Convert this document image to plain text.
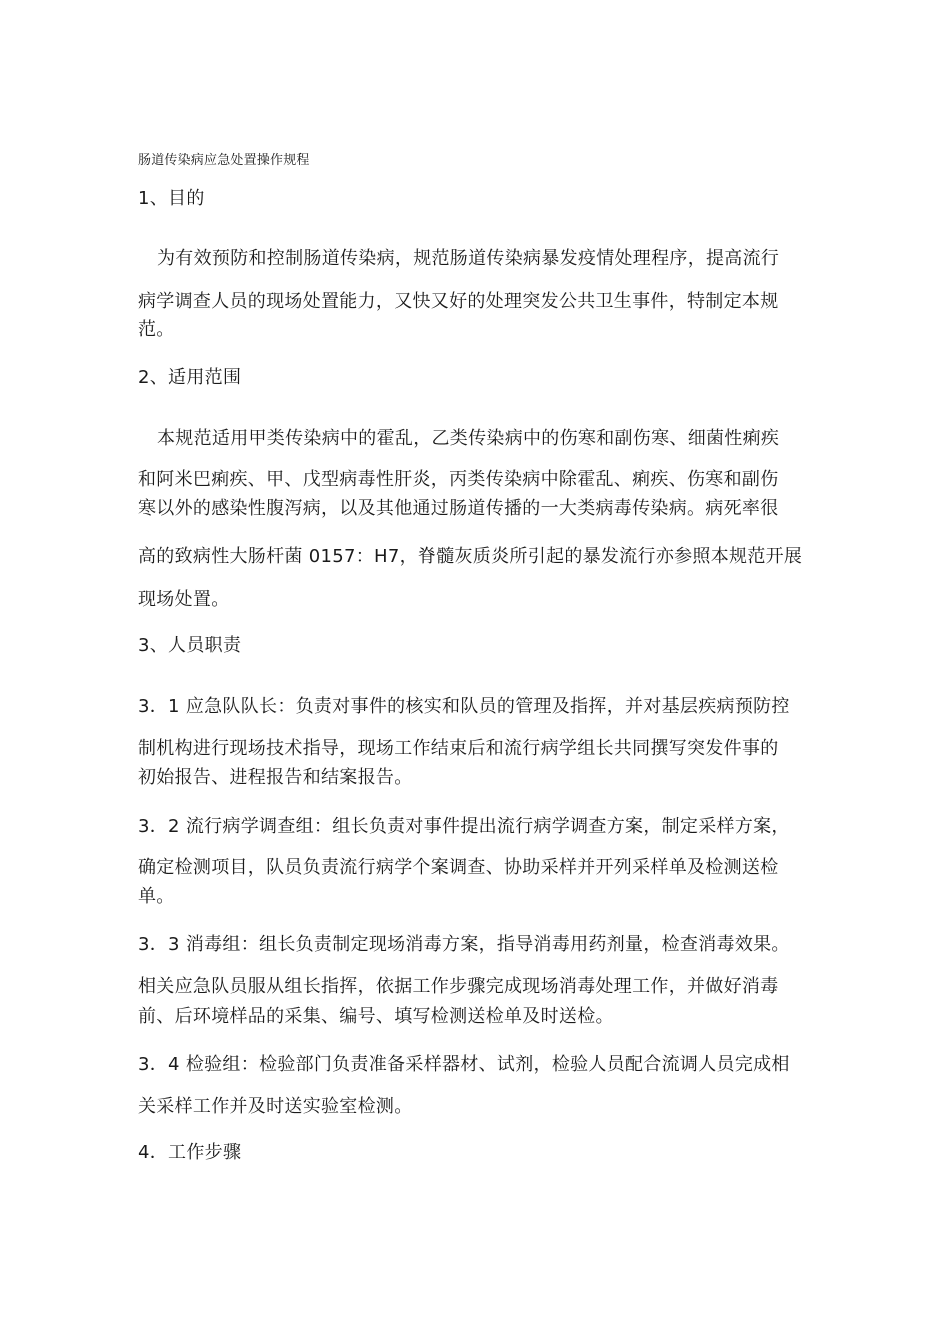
肠道传染病应急处置操作规程
1、目的
为有效预防和控制肠道传染病，规范肠道传染病暴发疫情处理程序，提高流行
病学调查人员的现场处置能力，又快又好的处理突发公共卫生事件，特制定本规
范。
2、适用范围
本规范适用甲类传染病中的霍乱，乙类传染病中的伤寒和副伤寒、细菌性痢疾
和阿米巴痢疾、甲、戊型病毒性肝炎，丙类传染病中除霍乱、痢疾、伤寒和副伤
寒以外的感染性腹泻病，以及其他通过肠道传播的一大类病毒传染病。病死率很
高的致病性大肠杆菌 0157：H7，脊髓灰质炎所引起的暴发流行亦参照本规范开展
现场处置。
3、人员职责
3．1 应急队队长：负责对事件的核实和队员的管理及指挥，并对基层疾病预防控
制机构进行现场技术指导，现场工作结束后和流行病学组长共同撰写突发件事的
初始报告、进程报告和结案报告。
3．2 流行病学调查组：组长负责对事件提出流行病学调查方案，制定采样方案，
确定检测项目，队员负责流行病学个案调查、协助采样并开列采样单及检测送检
单。
3．3 消毒组：组长负责制定现场消毒方案，指导消毒用药剂量，检查消毒效果。
相关应急队员服从组长指挥，依据工作步骤完成现场消毒处理工作，并做好消毒
前、后环境样品的采集、编号、填写检测送检单及时送检。
3．4 检验组：检验部门负责准备采样器材、试剂，检验人员配合流调人员完成相
关采样工作并及时送实验室检测。
4．工作步骤
